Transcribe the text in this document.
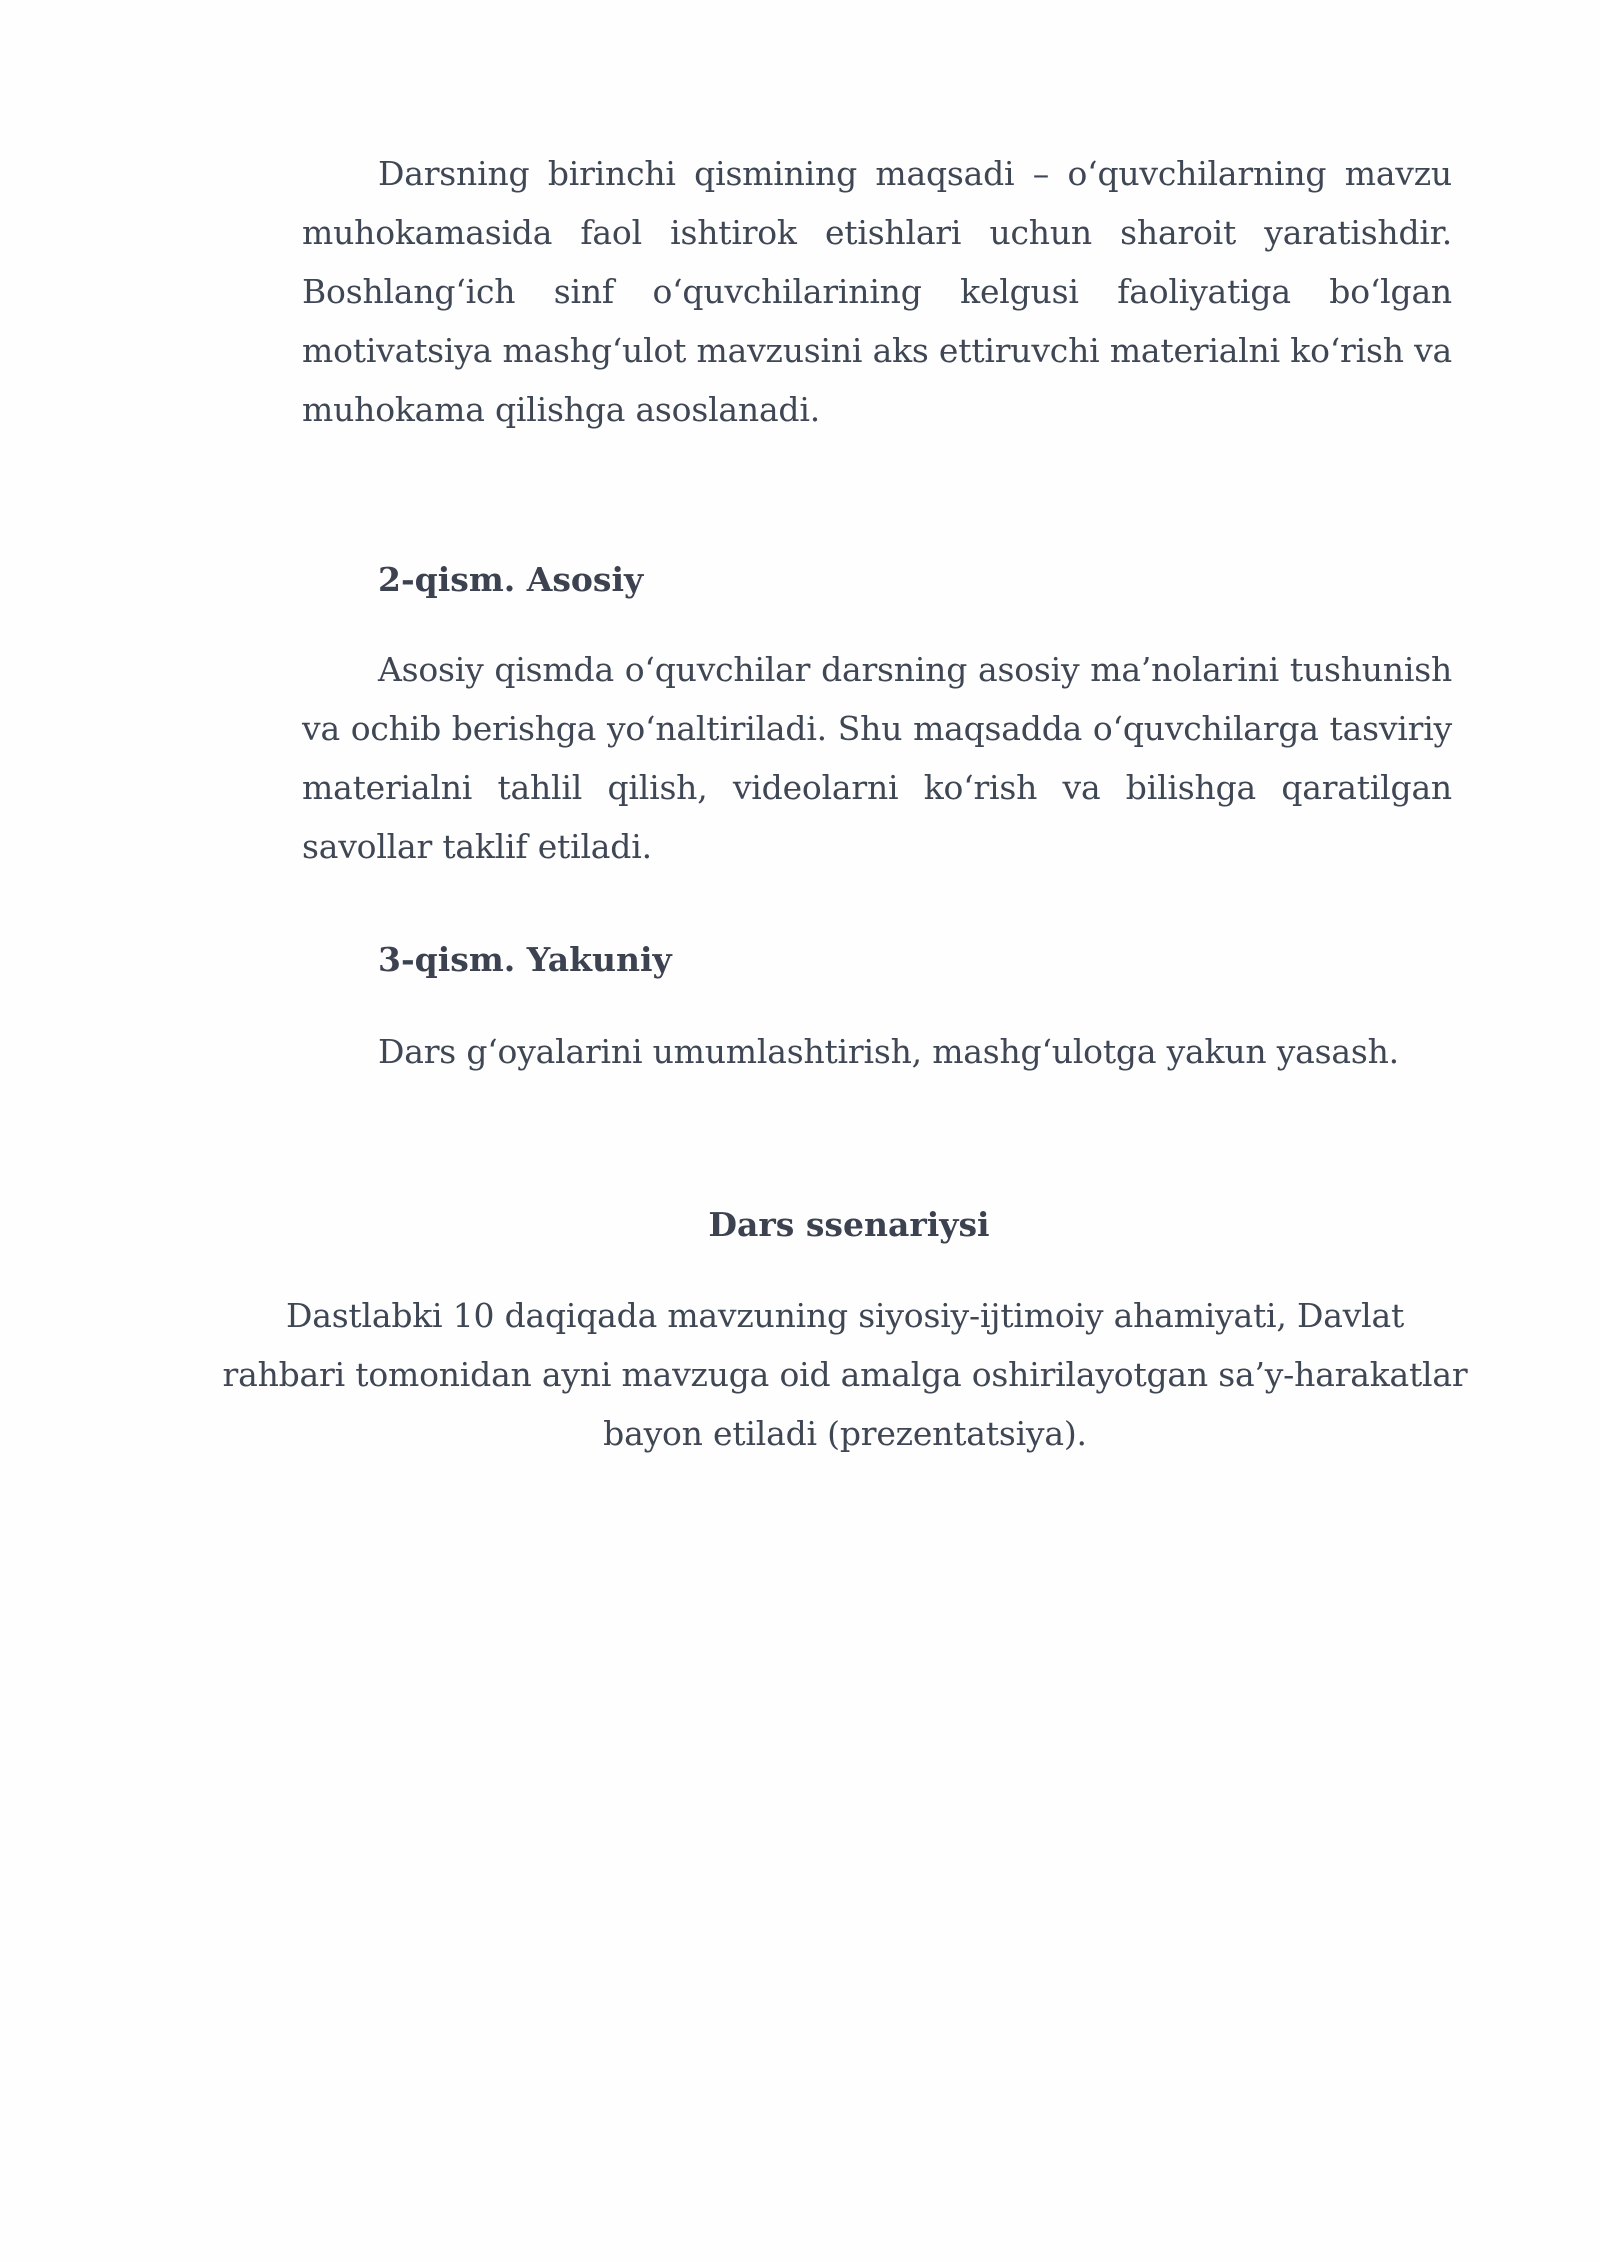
Darsning birinchi qismining maqsadi – o‘quvchilarning mavzu muhokamasida faol ishtirok etishlari uchun sharoit yaratishdir. Boshlang‘ich sinf o‘quvchilarining kelgusi faoliyatiga bo‘lgan motivatsiya mashg‘ulot mavzusini aks ettiruvchi materialni ko‘rish va muhokama qilishga asoslanadi.

2-qism. Asosiy

Asosiy qismda o‘quvchilar darsning asosiy ma’nolarini tushunish va ochib berishga yo‘naltiriladi. Shu maqsadda o‘quvchilarga tasviriy materialni tahlil qilish, videolarni ko‘rish va bilishga qaratilgan savollar taklif etiladi.

3-qism. Yakuniy

Dars g‘oyalarini umumlashtirish, mashg‘ulotga yakun yasash.

Dars ssenariysi

Dastlabki 10 daqiqada mavzuning siyosiy-ijtimoiy ahamiyati, Davlat rahbari tomonidan ayni mavzuga oid amalga oshirilayotgan sa’y-harakatlar bayon etiladi (prezentatsiya).
